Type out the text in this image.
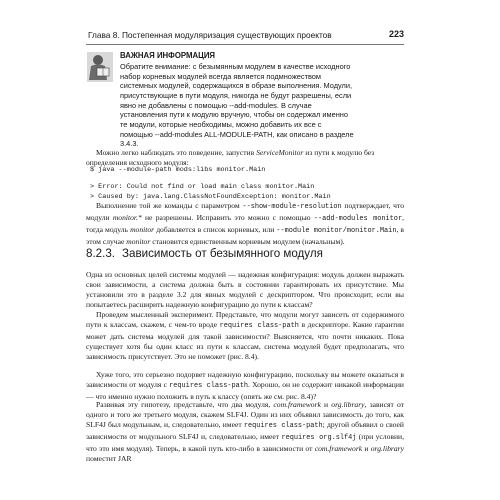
Глава 8. Постепенная модуляризация существующих проектов	223
ВАЖНАЯ ИНФОРМАЦИЯ

Обратите внимание: с безымянным модулем в качестве исходного набор корневых модулей всегда является подмножеством системных модулей, содержащихся в образе выполнения. Модули, присутствующие в пути модуля, никогда не будут разрешены, если явно не добавлены с помощью --add-modules. В случае установления пути к модулю вручную, чтобы он содержал именно те модули, которые необходимы, можно добавить их все с помощью --add-modules ALL-MODULE-PATH, как описано в разделе 3.4.3.

Можно легко наблюдать это поведение, запустив ServiceMonitor из пути к модулю без определения исходного модуля:

$ java --module-path mods:libs monitor.Main

> Error: Could not find or load main class monitor.Main
> Caused by: java.lang.ClassNotFoundException: monitor.Main

Выполнение той же команды с параметром --show-module-resolution подтверждает, что модули monitor.* не разрешены. Исправить это можно с помощью --add-modules monitor, тогда модуль monitor добавляется в список корневых, или --module monitor/monitor.Main, в этом случае monitor становится единственным корневым модулем (начальным).

8.2.3. Зависимость от безымянного модуля

Одна из основных целей системы модулей — надежная конфигурация: модуль должен выражать свои зависимости, а система должна быть в состоянии гарантировать их присутствие. Мы установили это в разделе 3.2 для явных модулей с дескриптором. Что происходит, если вы попытаетесь расширить надежную конфигурацию до пути к классам?

Проведем мысленный эксперимент. Представьте, что модули могут зависеть от содержимого пути к классам, скажем, с чем-то вроде requires class-path в дескрипторе. Какие гарантии может дать система модулей для такой зависимости? Выясняется, что почти никаких. Пока существует хотя бы один класс из пути к классам, система модулей будет предполагать, что зависимость присутствует. Это не поможет (рис. 8.4).

Хуже того, это серьезно подорвет надежную конфигурацию, поскольку вы можете оказаться в зависимости от модуля с requires class-path. Хорошо, он не содержит никакой информации — что именно нужно положить в путь к классу (опять же см. рис. 8.4)?

Развивая эту гипотезу, представьте, что два модуля, com.framework и org.library, зависят от одного и того же третьего модуля, скажем SLF4J. Один из них объявил зависимость до того, как SLF4J был модульным, и, следовательно, имеет requires class-path; другой объявил о своей зависимости от модульного SLF4J и, следовательно, имеет requires org.slf4j (при условии, что это имя модуля). Теперь, в какой путь кто-либо в зависимости от com.framework и org.library поместит JAR
